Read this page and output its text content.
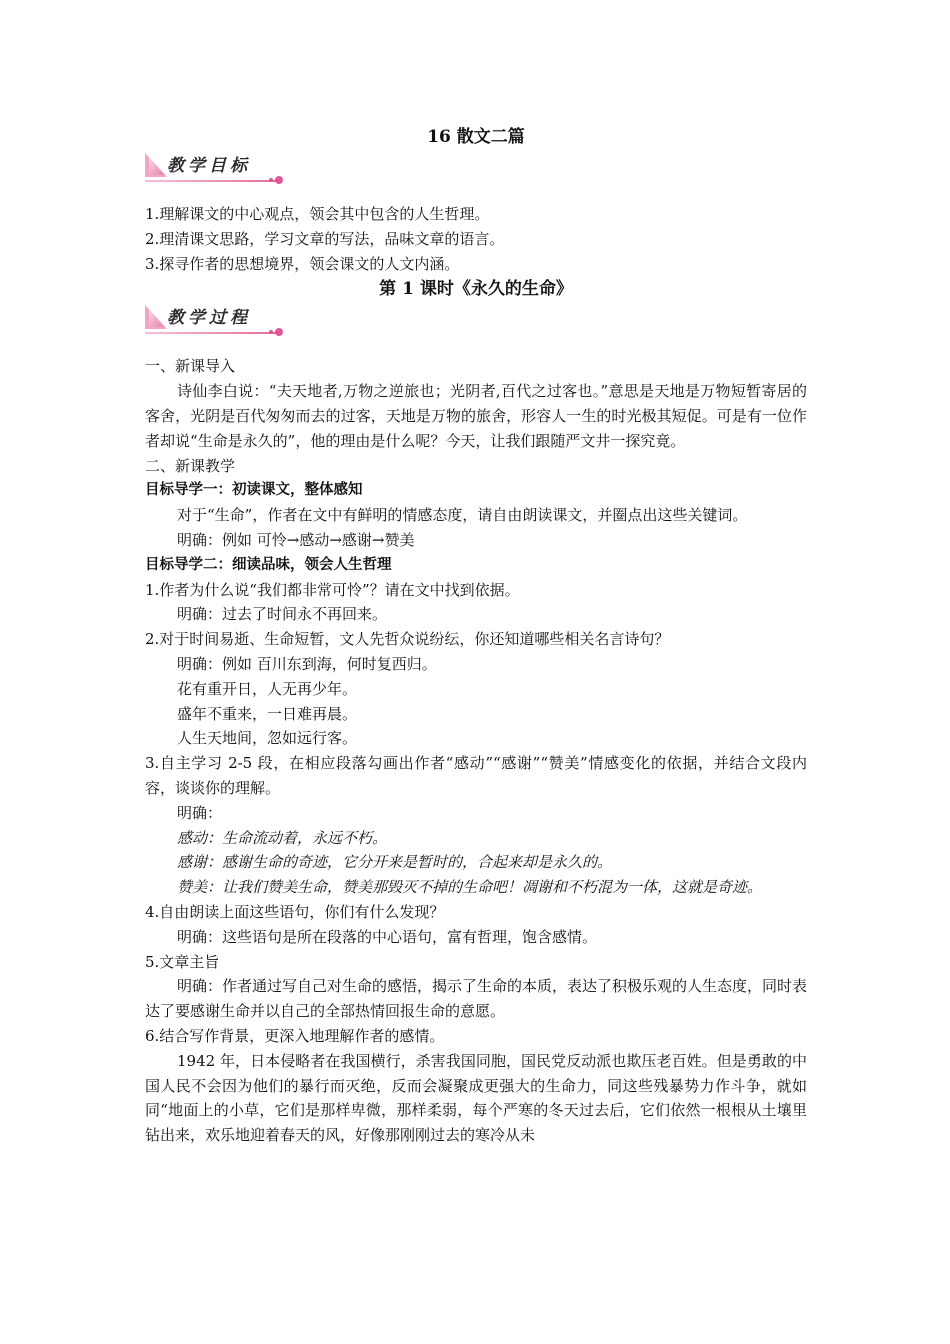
16 散文二篇

教学目标

1.理解课文的中心观点，领会其中包含的人生哲理。

2.理清课文思路，学习文章的写法，品味文章的语言。

3.探寻作者的思想境界，领会课文的人文内涵。

第 1 课时《永久的生命》

教学过程

一、新课导入

诗仙李白说：“夫天地者,万物之逆旅也；光阴者,百代之过客也。”意思是天地是万物短暂寄居的客舍，光阴是百代匆匆而去的过客，天地是万物的旅舍，形容人一生的时光极其短促。可是有一位作者却说“生命是永久的”，他的理由是什么呢？今天，让我们跟随严文井一探究竟。

二、新课教学

目标导学一：初读课文，整体感知

对于“生命”，作者在文中有鲜明的情感态度，请自由朗读课文，并圈点出这些关键词。

明确：例如 可怜→感动→感谢→赞美

目标导学二：细读品味，领会人生哲理

1.作者为什么说“我们都非常可怜”？请在文中找到依据。

明确：过去了时间永不再回来。

2.对于时间易逝、生命短暂，文人先哲众说纷纭，你还知道哪些相关名言诗句？

明确：例如 百川东到海，何时复西归。

花有重开日，人无再少年。

盛年不重来，一日难再晨。

人生天地间，忽如远行客。

3.自主学习 2-5 段，在相应段落勾画出作者“感动”“感谢”“赞美”情感变化的依据，并结合文段内容，谈谈你的理解。

明确：

感动：生命流动着，永远不朽。

感谢：感谢生命的奇迹，它分开来是暂时的，合起来却是永久的。

赞美：让我们赞美生命，赞美那毁灭不掉的生命吧！凋谢和不朽混为一体，这就是奇迹。

4.自由朗读上面这些语句，你们有什么发现？

明确：这些语句是所在段落的中心语句，富有哲理，饱含感情。

5.文章主旨

明确：作者通过写自己对生命的感悟，揭示了生命的本质，表达了积极乐观的人生态度，同时表达了要感谢生命并以自己的全部热情回报生命的意愿。

6.结合写作背景，更深入地理解作者的感情。

1942 年，日本侵略者在我国横行，杀害我国同胞，国民党反动派也欺压老百姓。但是勇敢的中国人民不会因为他们的暴行而灭绝，反而会凝聚成更强大的生命力，同这些残暴势力作斗争，就如同“地面上的小草，它们是那样卑微，那样柔弱，每个严寒的冬天过去后，它们依然一根根从土壤里钻出来，欢乐地迎着春天的风，好像那刚刚过去的寒冷从未
